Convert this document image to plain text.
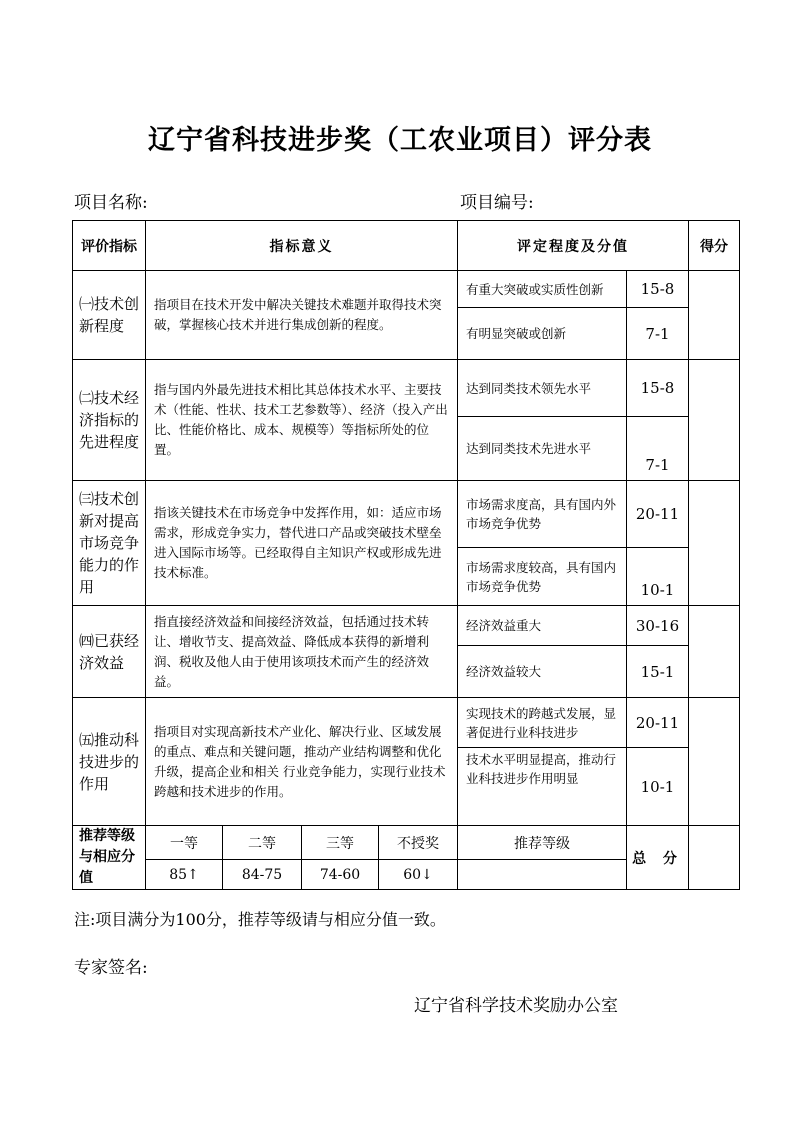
辽宁省科技进步奖（工农业项目）评分表
项目名称:	项目编号:
评价指标	指标意义				评定程度及分值		得分
㈠技术创新程度	指项目在技术开发中解决关键技术难题并取得技术突破，掌握核心技术并进行集成创新的程度。				有重大突破或实质性创新	15-8	
					有明显突破或创新	7-1	
㈡技术经济指标的先进程度	指与国内外最先进技术相比其总体技术水平、主要技术（性能、性状、技术工艺参数等）、经济（投入产出比、性能价格比、成本、规模等）等指标所处的位置。				达到同类技术领先水平	15-8	
					达到同类技术先进水平	7-1	
㈢技术创新对提高市场竞争能力的作用	指该关键技术在市场竞争中发挥作用，如：适应市场需求，形成竞争实力，替代进口产品或突破技术壁垒进入国际市场等。已经取得自主知识产权或形成先进技术标准。				市场需求度高，具有国内外市场竞争优势	20-11	
					市场需求度较高，具有国内市场竞争优势	10-1	
㈣已获经济效益	指直接经济效益和间接经济效益，包括通过技术转让、增收节支、提高效益、降低成本获得的新增利润、税收及他人由于使用该项技术而产生的经济效益。				经济效益重大	30-16	
					经济效益较大	15-1	
㈤推动科技进步的作用	指项目对实现高新技术产业化、解决行业、区域发展的重点、难点和关键问题，推动产业结构调整和优化升级，提高企业和相关 行业竞争能力，实现行业技术跨越和技术进步的作用。				实现技术的跨越式发展，显著促进行业科技进步	20-11	
					技术水平明显提高，推动行业科技进步作用明显	10-1	
推荐等级与相应分值	一等	二等	三等	不授奖	推荐等级	总 分	
	85↑	84-75	74-60	60↓			
注:项目满分为100分，推荐等级请与相应分值一致。
专家签名:
辽宁省科学技术奖励办公室
